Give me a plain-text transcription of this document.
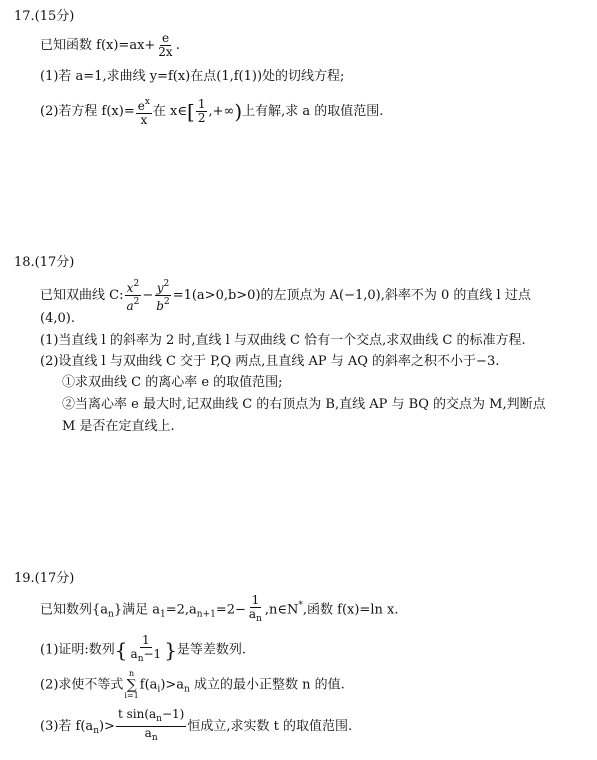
17.(15分)
已知函数 $f(x)=ax+ \frac{e}{2x}$ .
(1)若 a=1,求曲线 y=f(x)在点(1,f(1))处的切线方程;
(2)若方程 $f(x)= \frac{e^x}{x}$ 在 x∈[ $\frac{1}{2}$ ,+∞)上有解,求 a 的取值范围.
18.(17分)
已知双曲线 C: $\frac{x^2}{a^2} - \frac{y^2}{b^2} =1(a>0,b>0)$的左顶点为 A(−1,0),斜率不为 0 的直线 l 过点
(4,0).
(1)当直线 l 的斜率为 2 时,直线 l 与双曲线 C 恰有一个交点,求双曲线 C 的标准方程.
(2)设直线 l 与双曲线 C 交于 P,Q 两点,且直线 AP 与 AQ 的斜率之积不小于−3.
①求双曲线 C 的离心率 e 的取值范围;
②当离心率 e 最大时,记双曲线 C 的右顶点为 B,直线 AP 与 BQ 的交点为 M,判断点
M 是否在定直线上.
19.(17分)
已知数列$\{a_n\}$满足 $a_1=2,a_{n+1}=2- \frac{1}{a_n}$ ,n∈N*,函数 f(x)=ln x.
(1)证明:数列{ $\frac{1}{a_n-1}$ }是等差数列.
(2)求使不等式
n
∑
i=1
$f(a_i)>a_n$ 成立的最小正整数 n 的值.
(3)若 $f(a_n)> \frac{t \sin(a_n-1)}{a_n}$ 恒成立,求实数 t 的取值范围.
